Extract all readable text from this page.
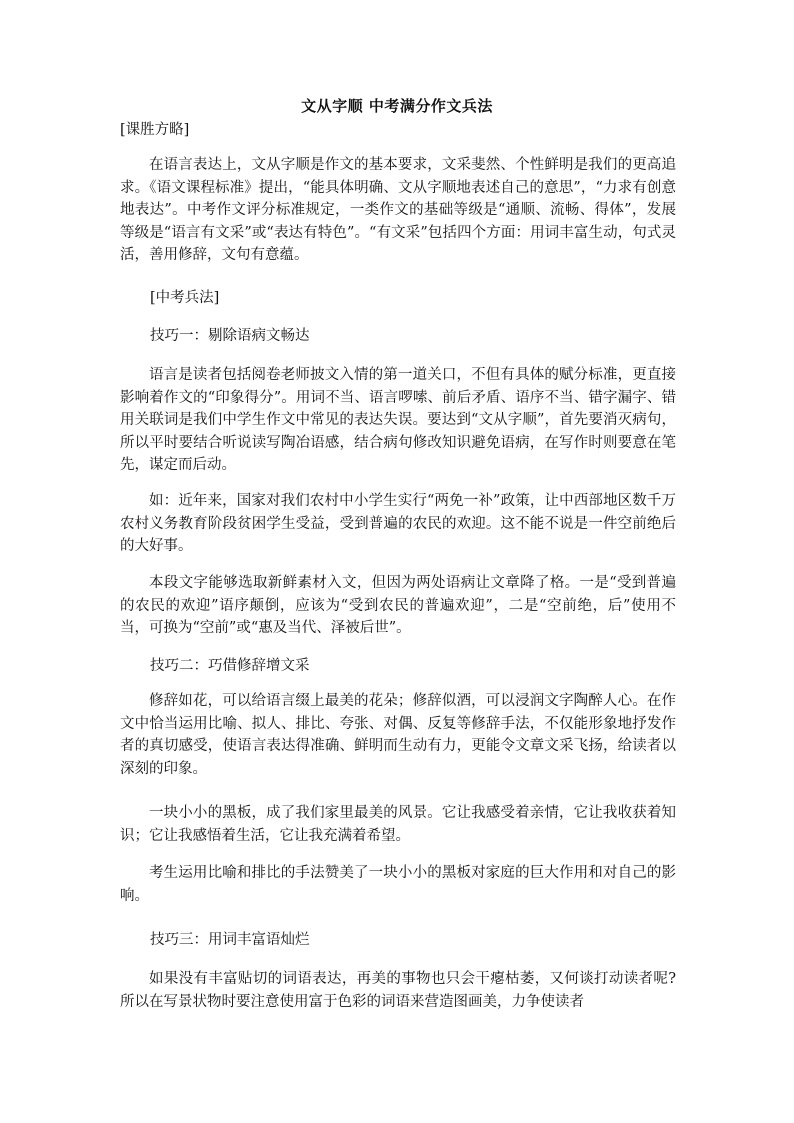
文从字顺 中考满分作文兵法
[课胜方略]

在语言表达上，文从字顺是作文的基本要求，文采斐然、个性鲜明是我们的更高追求。《语文课程标准》提出，“能具体明确、文从字顺地表述自己的意思”，“力求有创意地表达”。中考作文评分标准规定，一类作文的基础等级是“通顺、流畅、得体”，发展等级是“语言有文采”或“表达有特色”。“有文采”包括四个方面：用词丰富生动，句式灵活，善用修辞，文句有意蕴。

[中考兵法]

技巧一：剔除语病文畅达

语言是读者包括阅卷老师披文入情的第一道关口，不但有具体的赋分标准，更直接影响着作文的“印象得分”。用词不当、语言啰嗦、前后矛盾、语序不当、错字漏字、错用关联词是我们中学生作文中常见的表达失误。要达到“文从字顺”，首先要消灭病句，所以平时要结合听说读写陶冶语感，结合病句修改知识避免语病，在写作时则要意在笔先，谋定而后动。

如：近年来，国家对我们农村中小学生实行“两免一补”政策，让中西部地区数千万农村义务教育阶段贫困学生受益，受到普遍的农民的欢迎。这不能不说是一件空前绝后的大好事。

本段文字能够选取新鲜素材入文，但因为两处语病让文章降了格。一是“受到普遍的农民的欢迎”语序颠倒，应该为“受到农民的普遍欢迎”，二是“空前绝，后”使用不当，可换为“空前”或“惠及当代、泽被后世”。

技巧二：巧借修辞增文采

修辞如花，可以给语言缀上最美的花朵；修辞似酒，可以浸润文字陶醉人心。在作文中恰当运用比喻、拟人、排比、夸张、对偶、反复等修辞手法，不仅能形象地抒发作者的真切感受，使语言表达得准确、鲜明而生动有力，更能令文章文采飞扬，给读者以深刻的印象。

一块小小的黑板，成了我们家里最美的风景。它让我感受着亲情，它让我收获着知识；它让我感悟着生活，它让我充满着希望。

考生运用比喻和排比的手法赞美了一块小小的黑板对家庭的巨大作用和对自己的影响。

技巧三：用词丰富语灿烂

如果没有丰富贴切的词语表达，再美的事物也只会干瘪枯萎，又何谈打动读者呢?所以在写景状物时要注意使用富于色彩的词语来营造图画美，力争使读者
